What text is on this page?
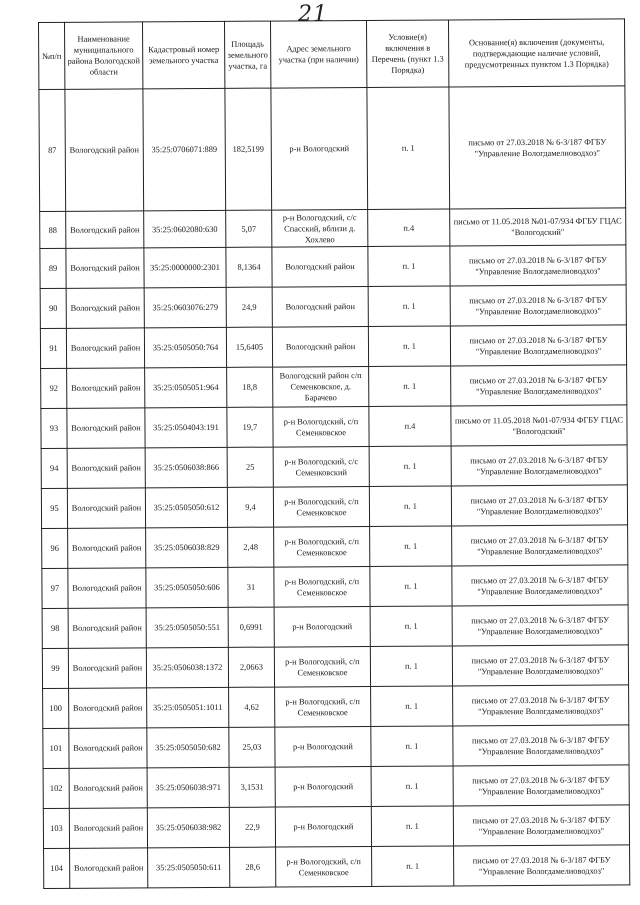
21
№п/п	Наименование муниципального района Вологодской области	Кадастровый номер земельного участка	Площадь земельного участка, га	Адрес земельного участка (при наличии)	Условие(я) включения в Перечень (пункт 1.3 Порядка)	Основание(я) включения (документы, подтверждающие наличие условий, предусмотренных пунктом 1.3 Порядка)
87	Вологодский район	35:25:0706071:889	182,5199	р-н Вологодский	п. 1	письмо от 27.03.2018 № 6-3/187 ФГБУ "Управление Вологдамелиоводхоз"
88	Вологодский район	35:25:0602080:630	5,07	р-н Вологодский, с/с Спасский, вблизи д. Хохлево	п.4	письмо от 11.05.2018 №01-07/934 ФГБУ ГЦАС "Вологодский"
89	Вологодский район	35:25:0000000:2301	8,1364	Вологодский район	п. 1	письмо от 27.03.2018 № 6-3/187 ФГБУ "Управление Вологдамелиоводхоз"
90	Вологодский район	35:25:0603076:279	24,9	Вологодский район	п. 1	письмо от 27.03.2018 № 6-3/187 ФГБУ "Управление Вологдамелиоводхоз"
91	Вологодский район	35:25:0505050:764	15,6405	Вологодский район	п. 1	письмо от 27.03.2018 № 6-3/187 ФГБУ "Управление Вологдамелиоводхоз"
92	Вологодский район	35:25:0505051:964	18,8	Вологодский район с/п Семенковское, д. Барачево	п. 1	письмо от 27.03.2018 № 6-3/187 ФГБУ "Управление Вологдамелиоводхоз"
93	Вологодский район	35:25:0504043:191	19,7	р-н Вологодский, с/п Семенковское	п.4	письмо от 11.05.2018 №01-07/934 ФГБУ ГЦАС "Вологодский"
94	Вологодский район	35:25:0506038:866	25	р-н Вологодский, с/с Семенковский	п. 1	письмо от 27.03.2018 № 6-3/187 ФГБУ "Управление Вологдамелиоводхоз"
95	Вологодский район	35:25:0505050:612	9,4	р-н Вологодский, с/п Семенковское	п. 1	письмо от 27.03.2018 № 6-3/187 ФГБУ "Управление Вологдамелиоводхоз"
96	Вологодский район	35:25:0506038:829	2,48	р-н Вологодский, с/п Семенковское	п. 1	письмо от 27.03.2018 № 6-3/187 ФГБУ "Управление Вологдамелиоводхоз"
97	Вологодский район	35:25:0505050:606	31	р-н Вологодский, с/п Семенковское	п. 1	письмо от 27.03.2018 № 6-3/187 ФГБУ "Управление Вологдамелиоводхоз"
98	Вологодский район	35:25:0505050:551	0,6991	р-н Вологодский	п. 1	письмо от 27.03.2018 № 6-3/187 ФГБУ "Управление Вологдамелиоводхоз"
99	Вологодский район	35:25:0506038:1372	2,0663	р-н Вологодский, с/п Семенковское	п. 1	письмо от 27.03.2018 № 6-3/187 ФГБУ "Управление Вологдамелиоводхоз"
100	Вологодский район	35:25:0505051:1011	4,62	р-н Вологодский, с/п Семенковское	п. 1	письмо от 27.03.2018 № 6-3/187 ФГБУ "Управление Вологдамелиоводхоз"
101	Вологодский район	35:25:0505050:682	25,03	р-н Вологодский	п. 1	письмо от 27.03.2018 № 6-3/187 ФГБУ "Управление Вологдамелиоводхоз"
102	Вологодский район	35:25:0506038:971	3,1531	р-н Вологодский	п. 1	письмо от 27.03.2018 № 6-3/187 ФГБУ "Управление Вологдамелиоводхоз"
103	Вологодский район	35:25:0506038:982	22,9	р-н Вологодский	п. 1	письмо от 27.03.2018 № 6-3/187 ФГБУ "Управление Вологдамелиоводхоз"
104	Вологодский район	35:25:0505050:611	28,6	р-н Вологодский, с/п Семенковское	п. 1	письмо от 27.03.2018 № 6-3/187 ФГБУ "Управление Вологдамелиоводхоз"
